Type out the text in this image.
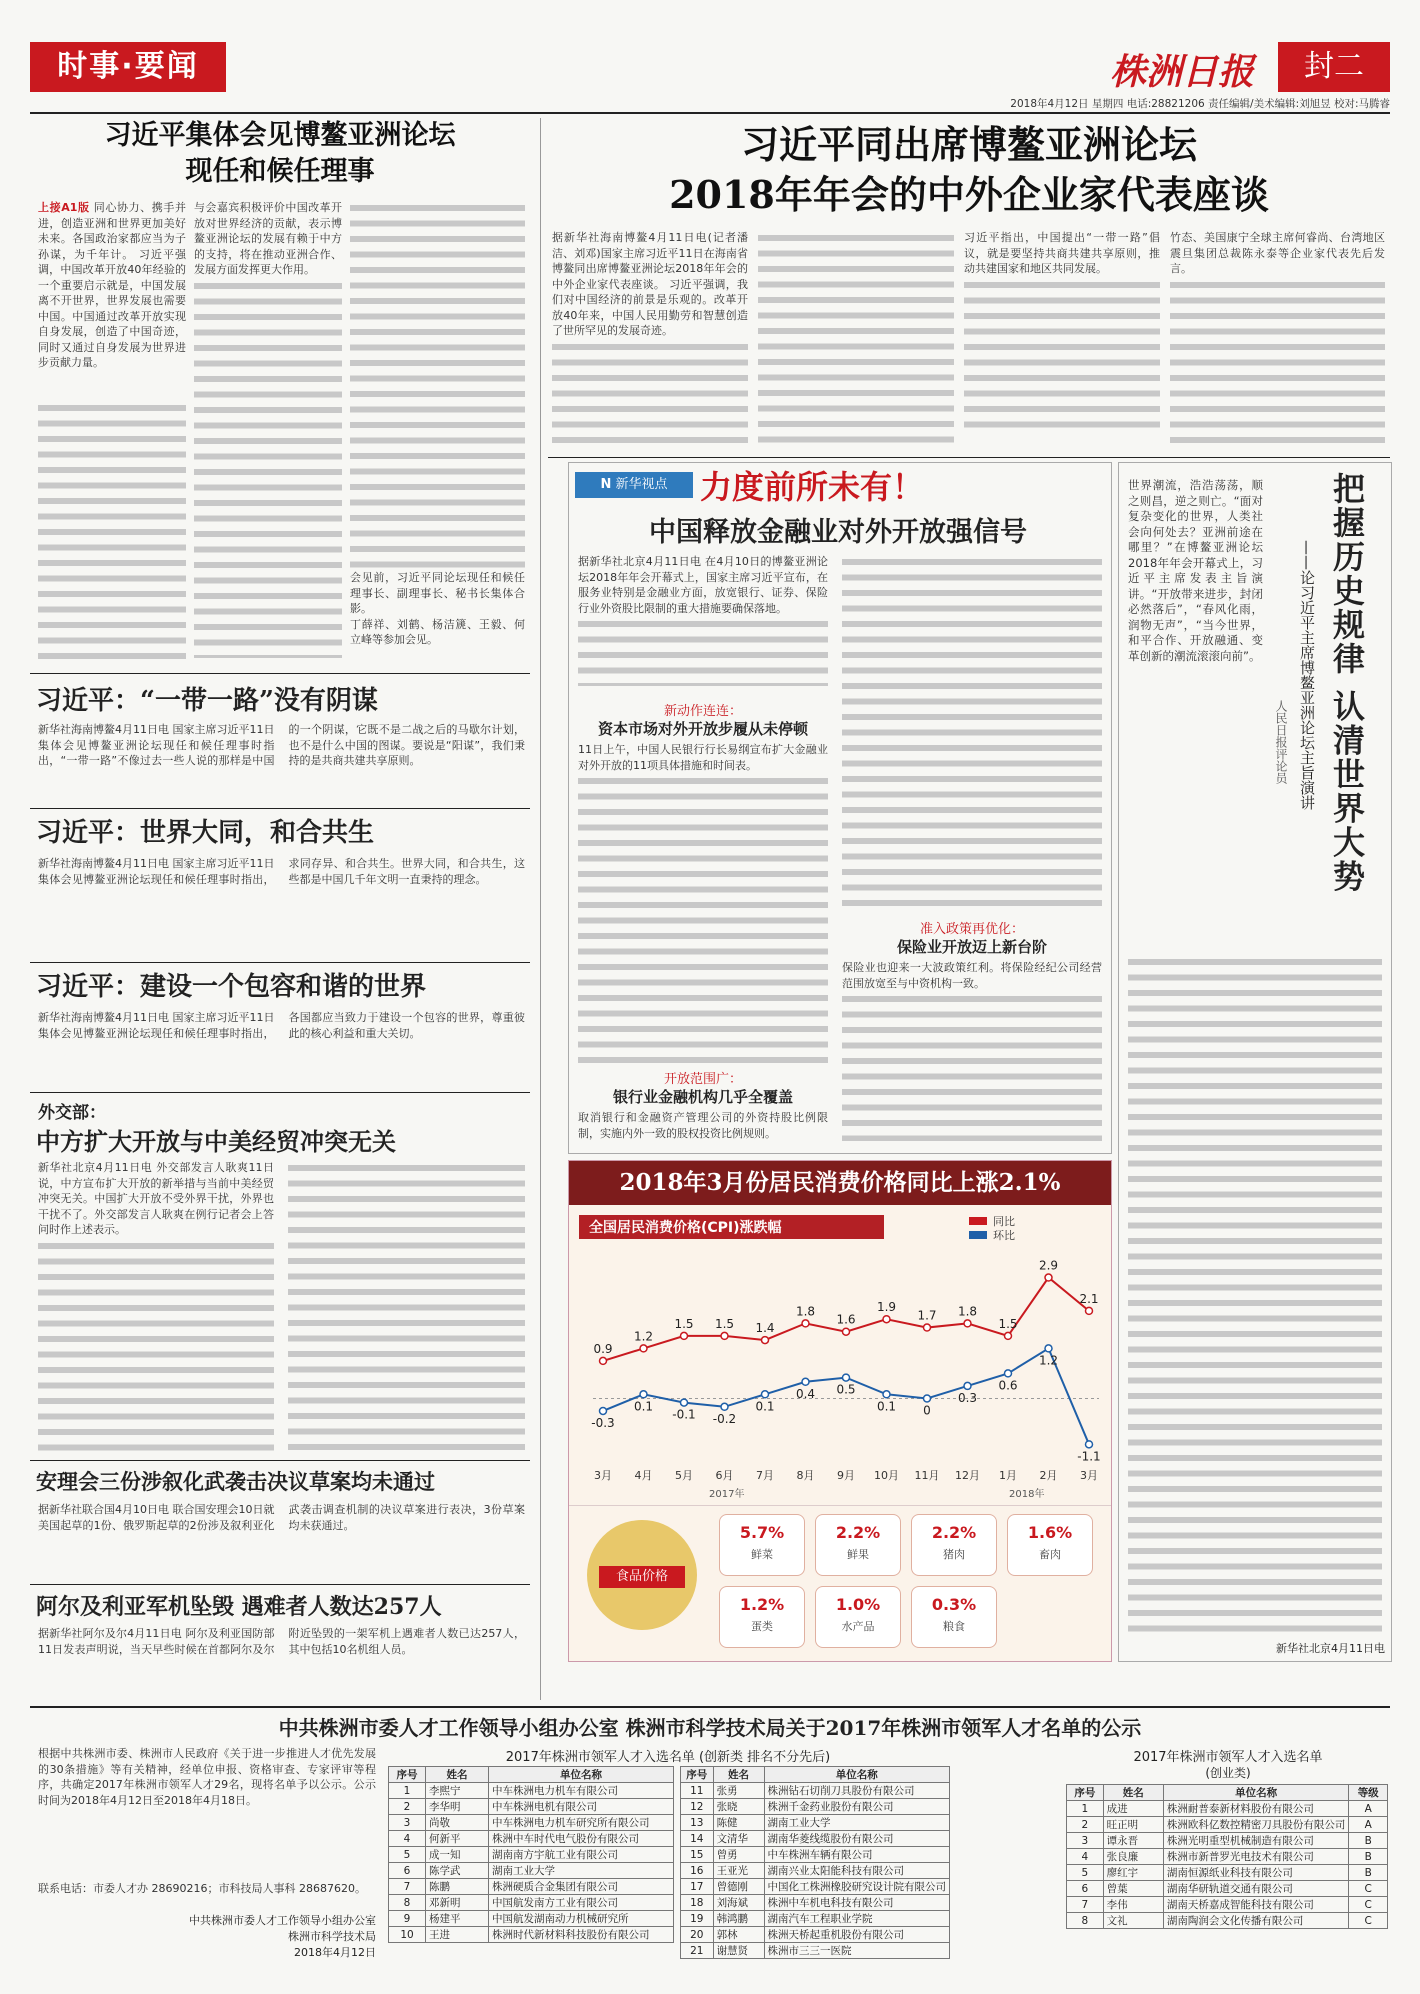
时事·要闻	株洲日报	封二
2018年4月12日 星期四 电话:28821206 责任编辑/美术编辑:刘旭昱 校对:马腾睿
习近平集体会见博鳌亚洲论坛
现任和候任理事
上接A1版 同心协力、携手并进，创造亚洲和世界更加美好未来。各国政治家都应当为子孙谋，为千年计。 习近平强调，中国改革开放40年经验的一个重要启示就是，中国发展离不开世界，世界发展也需要中国。中国通过改革开放实现自身发展，创造了中国奇迹，同时又通过自身发展为世界进步贡献力量。
与会嘉宾积极评价中国改革开放对世界经济的贡献，表示博鳌亚洲论坛的发展有赖于中方的支持，将在推动亚洲合作、发展方面发挥更大作用。
会见前，习近平同论坛现任和候任理事长、副理事长、秘书长集体合影。
丁薛祥、刘鹤、杨洁篪、王毅、何立峰等参加会见。
习近平：“一带一路”没有阴谋
新华社海南博鳌4月11日电 国家主席习近平11日集体会见博鳌亚洲论坛现任和候任理事时指出，“一带一路”不像过去一些人说的那样是中国的一个阴谋，它既不是二战之后的马歇尔计划，也不是什么中国的图谋。要说是“阳谋”，我们秉持的是共商共建共享原则。
习近平：世界大同，和合共生
新华社海南博鳌4月11日电 国家主席习近平11日集体会见博鳌亚洲论坛现任和候任理事时指出，求同存异、和合共生。世界大同，和合共生，这些都是中国几千年文明一直秉持的理念。
习近平：建设一个包容和谐的世界
新华社海南博鳌4月11日电 国家主席习近平11日集体会见博鳌亚洲论坛现任和候任理事时指出，各国都应当致力于建设一个包容的世界，尊重彼此的核心利益和重大关切。
外交部：
中方扩大开放与中美经贸冲突无关
新华社北京4月11日电 外交部发言人耿爽11日说，中方宣布扩大开放的新举措与当前中美经贸冲突无关。中国扩大开放不受外界干扰，外界也干扰不了。外交部发言人耿爽在例行记者会上答问时作上述表示。
安理会三份涉叙化武袭击决议草案均未通过
据新华社联合国4月10日电 联合国安理会10日就美国起草的1份、俄罗斯起草的2份涉及叙利亚化武袭击调查机制的决议草案进行表决，3份草案均未获通过。
阿尔及利亚军机坠毁 遇难者人数达257人
据新华社阿尔及尔4月11日电 阿尔及利亚国防部11日发表声明说，当天早些时候在首都阿尔及尔附近坠毁的一架军机上遇难者人数已达257人，其中包括10名机组人员。
习近平同出席博鳌亚洲论坛
2018年年会的中外企业家代表座谈
据新华社海南博鳌4月11日电(记者潘洁、刘邓)国家主席习近平11日在海南省博鳌同出席博鳌亚洲论坛2018年年会的中外企业家代表座谈。 习近平强调，我们对中国经济的前景是乐观的。改革开放40年来，中国人民用勤劳和智慧创造了世所罕见的发展奇迹。
习近平指出，中国提出“一带一路”倡议，就是要坚持共商共建共享原则，推动共建国家和地区共同发展。
竹态、美国康宁全球主席何睿尚、台湾地区震旦集团总裁陈永泰等企业家代表先后发言。
N 新华视点	力度前所未有！
中国释放金融业对外开放强信号
据新华社北京4月11日电 在4月10日的博鳌亚洲论坛2018年年会开幕式上，国家主席习近平宣布，在服务业特别是金融业方面，放宽银行、证券、保险行业外资股比限制的重大措施要确保落地。
新动作连连：
资本市场对外开放步履从未停顿
11日上午，中国人民银行行长易纲宣布扩大金融业对外开放的11项具体措施和时间表。
开放范围广：
银行业金融机构几乎全覆盖
取消银行和金融资产管理公司的外资持股比例限制，实施内外一致的股权投资比例规则。
准入政策再优化：
保险业开放迈上新台阶
保险业也迎来一大波政策红利。将保险经纪公司经营范围放宽至与中资机构一致。
2018年3月份居民消费价格同比上涨2.1%
全国居民消费价格(CPI)涨跌幅	同比
环比
0.9
1.2
1.5 1.5 1.4
1.8
1.6
1.9
1.7 1.8
1.5
2.9
2.1
-0.3
0.1
-0.1 -0.2
0.1
0.4 0.5
0.1 0
0.3
0.6
1.2
-1.1
3月 4月 5月 6月 7月 8月 9月 10月 11月 12月 1月 2月 3月
2017年	2018年
食品价格
5.7%
鲜菜
2.2%
鲜果
2.2%
猪肉
1.6%
畜肉
1.2%
蛋类
1.0%
水产品
0.3%
粮食
把握历史规律 认清世界大势
——论习近平主席博鳌亚洲论坛主旨演讲
人民日报评论员
世界潮流，浩浩荡荡，顺之则昌，逆之则亡。“面对复杂变化的世界，人类社会向何处去？亚洲前途在哪里？”在博鳌亚洲论坛2018年年会开幕式上，习近平主席发表主旨演讲。“开放带来进步，封闭必然落后”，“春风化雨，润物无声”，“当今世界，和平合作、开放融通、变革创新的潮流滚滚向前”。
新华社北京4月11日电
中共株洲市委人才工作领导小组办公室 株洲市科学技术局关于2017年株洲市领军人才名单的公示
根据中共株洲市委、株洲市人民政府《关于进一步推进人才优先发展的30条措施》等有关精神，经单位申报、资格审查、专家评审等程序，共确定2017年株洲市领军人才29名，现将名单予以公示。公示时间为2018年4月12日至2018年4月18日。
联系电话：市委人才办 28690216；市科技局人事科 28687620。
中共株洲市委人才工作领导小组办公室
株洲市科学技术局
2018年4月12日
2017年株洲市领军人才入选名单 (创新类 排名不分先后)
序号	姓名	单位名称
1	李熙宁	中车株洲电力机车有限公司
2	李华明	中车株洲电机有限公司
3	尚敬	中车株洲电力机车研究所有限公司
4	何新平	株洲中车时代电气股份有限公司
5	成一知	湖南南方宇航工业有限公司
6	陈学武	湖南工业大学
7	陈鹏	株洲硬质合金集团有限公司
8	邓新明	中国航发南方工业有限公司
9	杨建平	中国航发湖南动力机械研究所
10	王进	株洲时代新材料科技股份有限公司
序号	姓名	单位名称
11	张勇	株洲钻石切削刀具股份有限公司
12	张晓	株洲千金药业股份有限公司
13	陈健	湖南工业大学
14	文清华	湖南华菱线缆股份有限公司
15	曾勇	中车株洲车辆有限公司
16	王亚光	湖南兴业太阳能科技有限公司
17	曾德刚	中国化工株洲橡胶研究设计院有限公司
18	刘海斌	株洲中车机电科技有限公司
19	韩鸿鹏	湖南汽车工程职业学院
20	郭林	株洲天桥起重机股份有限公司
21	谢慧贤	株洲市三三一医院
2017年株洲市领军人才入选名单
(创业类)
序号	姓名	单位名称	等级
1	成进	株洲耐普泰新材料股份有限公司	A
2	旺正明	株洲欧科亿数控精密刀具股份有限公司	A
3	谭永晋	株洲光明重型机械制造有限公司	B
4	张良廉	株洲市新普罗光电技术有限公司	B
5	廖红宇	湖南恒源纸业科技有限公司	B
6	曾葉	湖南华研轨道交通有限公司	C
7	李伟	湖南天桥嘉成智能科技有限公司	C
8	文礼	湖南陶润会文化传播有限公司	C
